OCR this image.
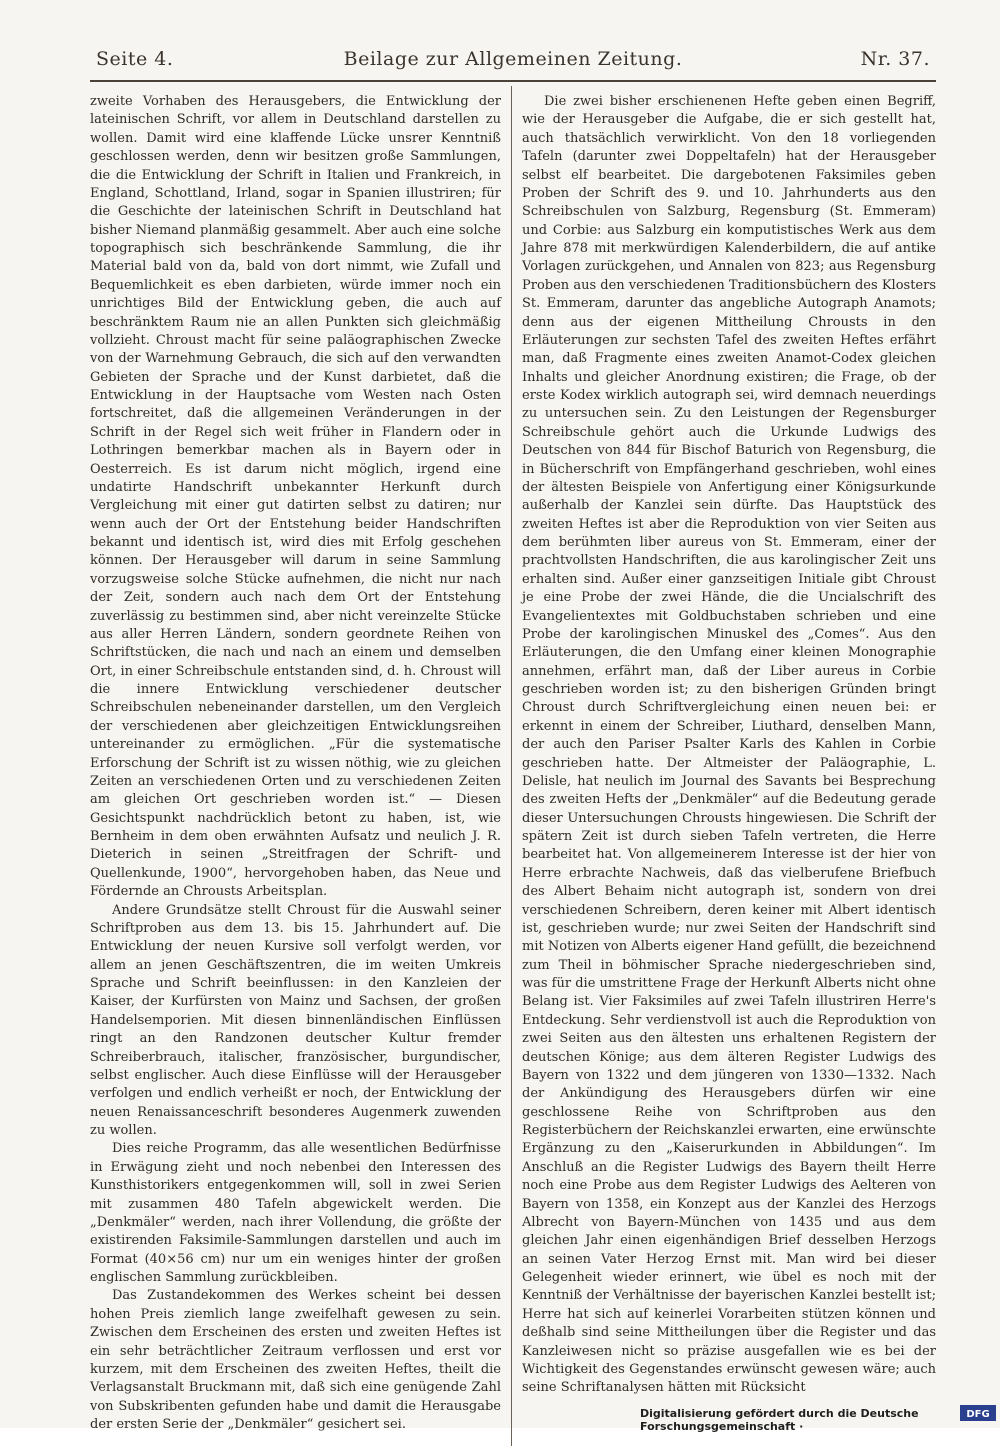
Seite 4.	Beilage zur Allgemeinen Zeitung.	Nr. 37.

zweite Vorhaben des Herausgebers, die Entwicklung der lateinischen Schrift, vor allem in Deutschland darstellen zu wollen. Damit wird eine klaffende Lücke unsrer Kenntniß geschlossen werden, denn wir besitzen große Sammlungen, die die Entwicklung der Schrift in Italien und Frankreich, in England, Schottland, Irland, sogar in Spanien illustriren; für die Geschichte der lateinischen Schrift in Deutschland hat bisher Niemand planmäßig gesammelt. Aber auch eine solche topographisch sich beschränkende Sammlung, die ihr Material bald von da, bald von dort nimmt, wie Zufall und Bequemlichkeit es eben darbieten, würde immer noch ein unrichtiges Bild der Entwicklung geben, die auch auf beschränktem Raum nie an allen Punkten sich gleichmäßig vollzieht. Chroust macht für seine paläographischen Zwecke von der Warnehmung Gebrauch, die sich auf den verwandten Gebieten der Sprache und der Kunst darbietet, daß die Entwicklung in der Hauptsache vom Westen nach Osten fortschreitet, daß die allgemeinen Veränderungen in der Schrift in der Regel sich weit früher in Flandern oder in Lothringen bemerkbar machen als in Bayern oder in Oesterreich. Es ist darum nicht möglich, irgend eine undatirte Handschrift unbekannter Herkunft durch Vergleichung mit einer gut datirten selbst zu datiren; nur wenn auch der Ort der Entstehung beider Handschriften bekannt und identisch ist, wird dies mit Erfolg geschehen können. Der Herausgeber will darum in seine Sammlung vorzugsweise solche Stücke aufnehmen, die nicht nur nach der Zeit, sondern auch nach dem Ort der Entstehung zuverlässig zu bestimmen sind, aber nicht vereinzelte Stücke aus aller Herren Ländern, sondern geordnete Reihen von Schriftstücken, die nach und nach an einem und demselben Ort, in einer Schreibschule entstanden sind, d. h. Chroust will die innere Entwicklung verschiedener deutscher Schreibschulen nebeneinander darstellen, um den Vergleich der verschiedenen aber gleichzeitigen Entwicklungsreihen untereinander zu ermöglichen. „Für die systematische Erforschung der Schrift ist zu wissen nöthig, wie zu gleichen Zeiten an verschiedenen Orten und zu verschiedenen Zeiten am gleichen Ort geschrieben worden ist.“ — Diesen Gesichtspunkt nachdrücklich betont zu haben, ist, wie Bernheim in dem oben erwähnten Aufsatz und neulich J. R. Dieterich in seinen „Streitfragen der Schrift- und Quellenkunde, 1900“, hervorgehoben haben, das Neue und Fördernde an Chrousts Arbeitsplan.

Andere Grundsätze stellt Chroust für die Auswahl seiner Schriftproben aus dem 13. bis 15. Jahrhundert auf. Die Entwicklung der neuen Kursive soll verfolgt werden, vor allem an jenen Geschäftszentren, die im weiten Umkreis Sprache und Schrift beeinflussen: in den Kanzleien der Kaiser, der Kurfürsten von Mainz und Sachsen, der großen Handelsemporien. Mit diesen binnenländischen Einflüssen ringt an den Randzonen deutscher Kultur fremder Schreiberbrauch, italischer, französischer, burgundischer, selbst englischer. Auch diese Einflüsse will der Herausgeber verfolgen und endlich verheißt er noch, der Entwicklung der neuen Renaissanceschrift besonderes Augenmerk zuwenden zu wollen.

Dies reiche Programm, das alle wesentlichen Bedürfnisse in Erwägung zieht und noch nebenbei den Interessen des Kunsthistorikers entgegenkommen will, soll in zwei Serien mit zusammen 480 Tafeln abgewickelt werden. Die „Denkmäler“ werden, nach ihrer Vollendung, die größte der existirenden Faksimile-Sammlungen darstellen und auch im Format (40×56 cm) nur um ein weniges hinter der großen englischen Sammlung zurückbleiben.

Das Zustandekommen des Werkes scheint bei dessen hohen Preis ziemlich lange zweifelhaft gewesen zu sein. Zwischen dem Erscheinen des ersten und zweiten Heftes ist ein sehr beträchtlicher Zeitraum verflossen und erst vor kurzem, mit dem Erscheinen des zweiten Heftes, theilt die Verlagsanstalt Bruckmann mit, daß sich eine genügende Zahl von Subskribenten gefunden habe und damit die Herausgabe der ersten Serie der „Denkmäler“ gesichert sei.

Die zwei bisher erschienenen Hefte geben einen Begriff, wie der Herausgeber die Aufgabe, die er sich gestellt hat, auch thatsächlich verwirklicht. Von den 18 vorliegenden Tafeln (darunter zwei Doppeltafeln) hat der Herausgeber selbst elf bearbeitet. Die dargebotenen Faksimiles geben Proben der Schrift des 9. und 10. Jahrhunderts aus den Schreibschulen von Salzburg, Regensburg (St. Emmeram) und Corbie: aus Salzburg ein komputistisches Werk aus dem Jahre 878 mit merkwürdigen Kalenderbildern, die auf antike Vorlagen zurückgehen, und Annalen von 823; aus Regensburg Proben aus den verschiedenen Traditionsbüchern des Klosters St. Emmeram, darunter das angebliche Autograph Anamots; denn aus der eigenen Mittheilung Chrousts in den Erläuterungen zur sechsten Tafel des zweiten Heftes erfährt man, daß Fragmente eines zweiten Anamot-Codex gleichen Inhalts und gleicher Anordnung existiren; die Frage, ob der erste Kodex wirklich autograph sei, wird demnach neuerdings zu untersuchen sein. Zu den Leistungen der Regensburger Schreibschule gehört auch die Urkunde Ludwigs des Deutschen von 844 für Bischof Baturich von Regensburg, die in Bücherschrift von Empfängerhand geschrieben, wohl eines der ältesten Beispiele von Anfertigung einer Königsurkunde außerhalb der Kanzlei sein dürfte. Das Hauptstück des zweiten Heftes ist aber die Reproduktion von vier Seiten aus dem berühmten liber aureus von St. Emmeram, einer der prachtvollsten Handschriften, die aus karolingischer Zeit uns erhalten sind. Außer einer ganzseitigen Initiale gibt Chroust je eine Probe der zwei Hände, die die Uncialschrift des Evangelientextes mit Goldbuchstaben schrieben und eine Probe der karolingischen Minuskel des „Comes“. Aus den Erläuterungen, die den Umfang einer kleinen Monographie annehmen, erfährt man, daß der Liber aureus in Corbie geschrieben worden ist; zu den bisherigen Gründen bringt Chroust durch Schriftvergleichung einen neuen bei: er erkennt in einem der Schreiber, Liuthard, denselben Mann, der auch den Pariser Psalter Karls des Kahlen in Corbie geschrieben hatte. Der Altmeister der Paläographie, L. Delisle, hat neulich im Journal des Savants bei Besprechung des zweiten Hefts der „Denkmäler“ auf die Bedeutung gerade dieser Untersuchungen Chrousts hingewiesen. Die Schrift der spätern Zeit ist durch sieben Tafeln vertreten, die Herre bearbeitet hat. Von allgemeinerem Interesse ist der hier von Herre erbrachte Nachweis, daß das vielberufene Briefbuch des Albert Behaim nicht autograph ist, sondern von drei verschiedenen Schreibern, deren keiner mit Albert identisch ist, geschrieben wurde; nur zwei Seiten der Handschrift sind mit Notizen von Alberts eigener Hand gefüllt, die bezeichnend zum Theil in böhmischer Sprache niedergeschrieben sind, was für die umstrittene Frage der Herkunft Alberts nicht ohne Belang ist. Vier Faksimiles auf zwei Tafeln illustriren Herre's Entdeckung. Sehr verdienstvoll ist auch die Reproduktion von zwei Seiten aus den ältesten uns erhaltenen Registern der deutschen Könige; aus dem älteren Register Ludwigs des Bayern von 1322 und dem jüngeren von 1330—1332. Nach der Ankündigung des Herausgebers dürfen wir eine geschlossene Reihe von Schriftproben aus den Registerbüchern der Reichskanzlei erwarten, eine erwünschte Ergänzung zu den „Kaiserurkunden in Abbildungen“. Im Anschluß an die Register Ludwigs des Bayern theilt Herre noch eine Probe aus dem Register Ludwigs des Aelteren von Bayern von 1358, ein Konzept aus der Kanzlei des Herzogs Albrecht von Bayern-München von 1435 und aus dem gleichen Jahr einen eigenhändigen Brief desselben Herzogs an seinen Vater Herzog Ernst mit. Man wird bei dieser Gelegenheit wieder erinnert, wie übel es noch mit der Kenntniß der Verhältnisse der bayerischen Kanzlei bestellt ist; Herre hat sich auf keinerlei Vorarbeiten stützen können und deßhalb sind seine Mittheilungen über die Register und das Kanzleiwesen nicht so präzise ausgefallen wie es bei der Wichtigkeit des Gegenstandes erwünscht gewesen wäre; auch seine Schriftanalysen hätten mit Rücksicht

Digitalisierung gefördert durch die Deutsche Forschungsgemeinschaft ·
DFG
